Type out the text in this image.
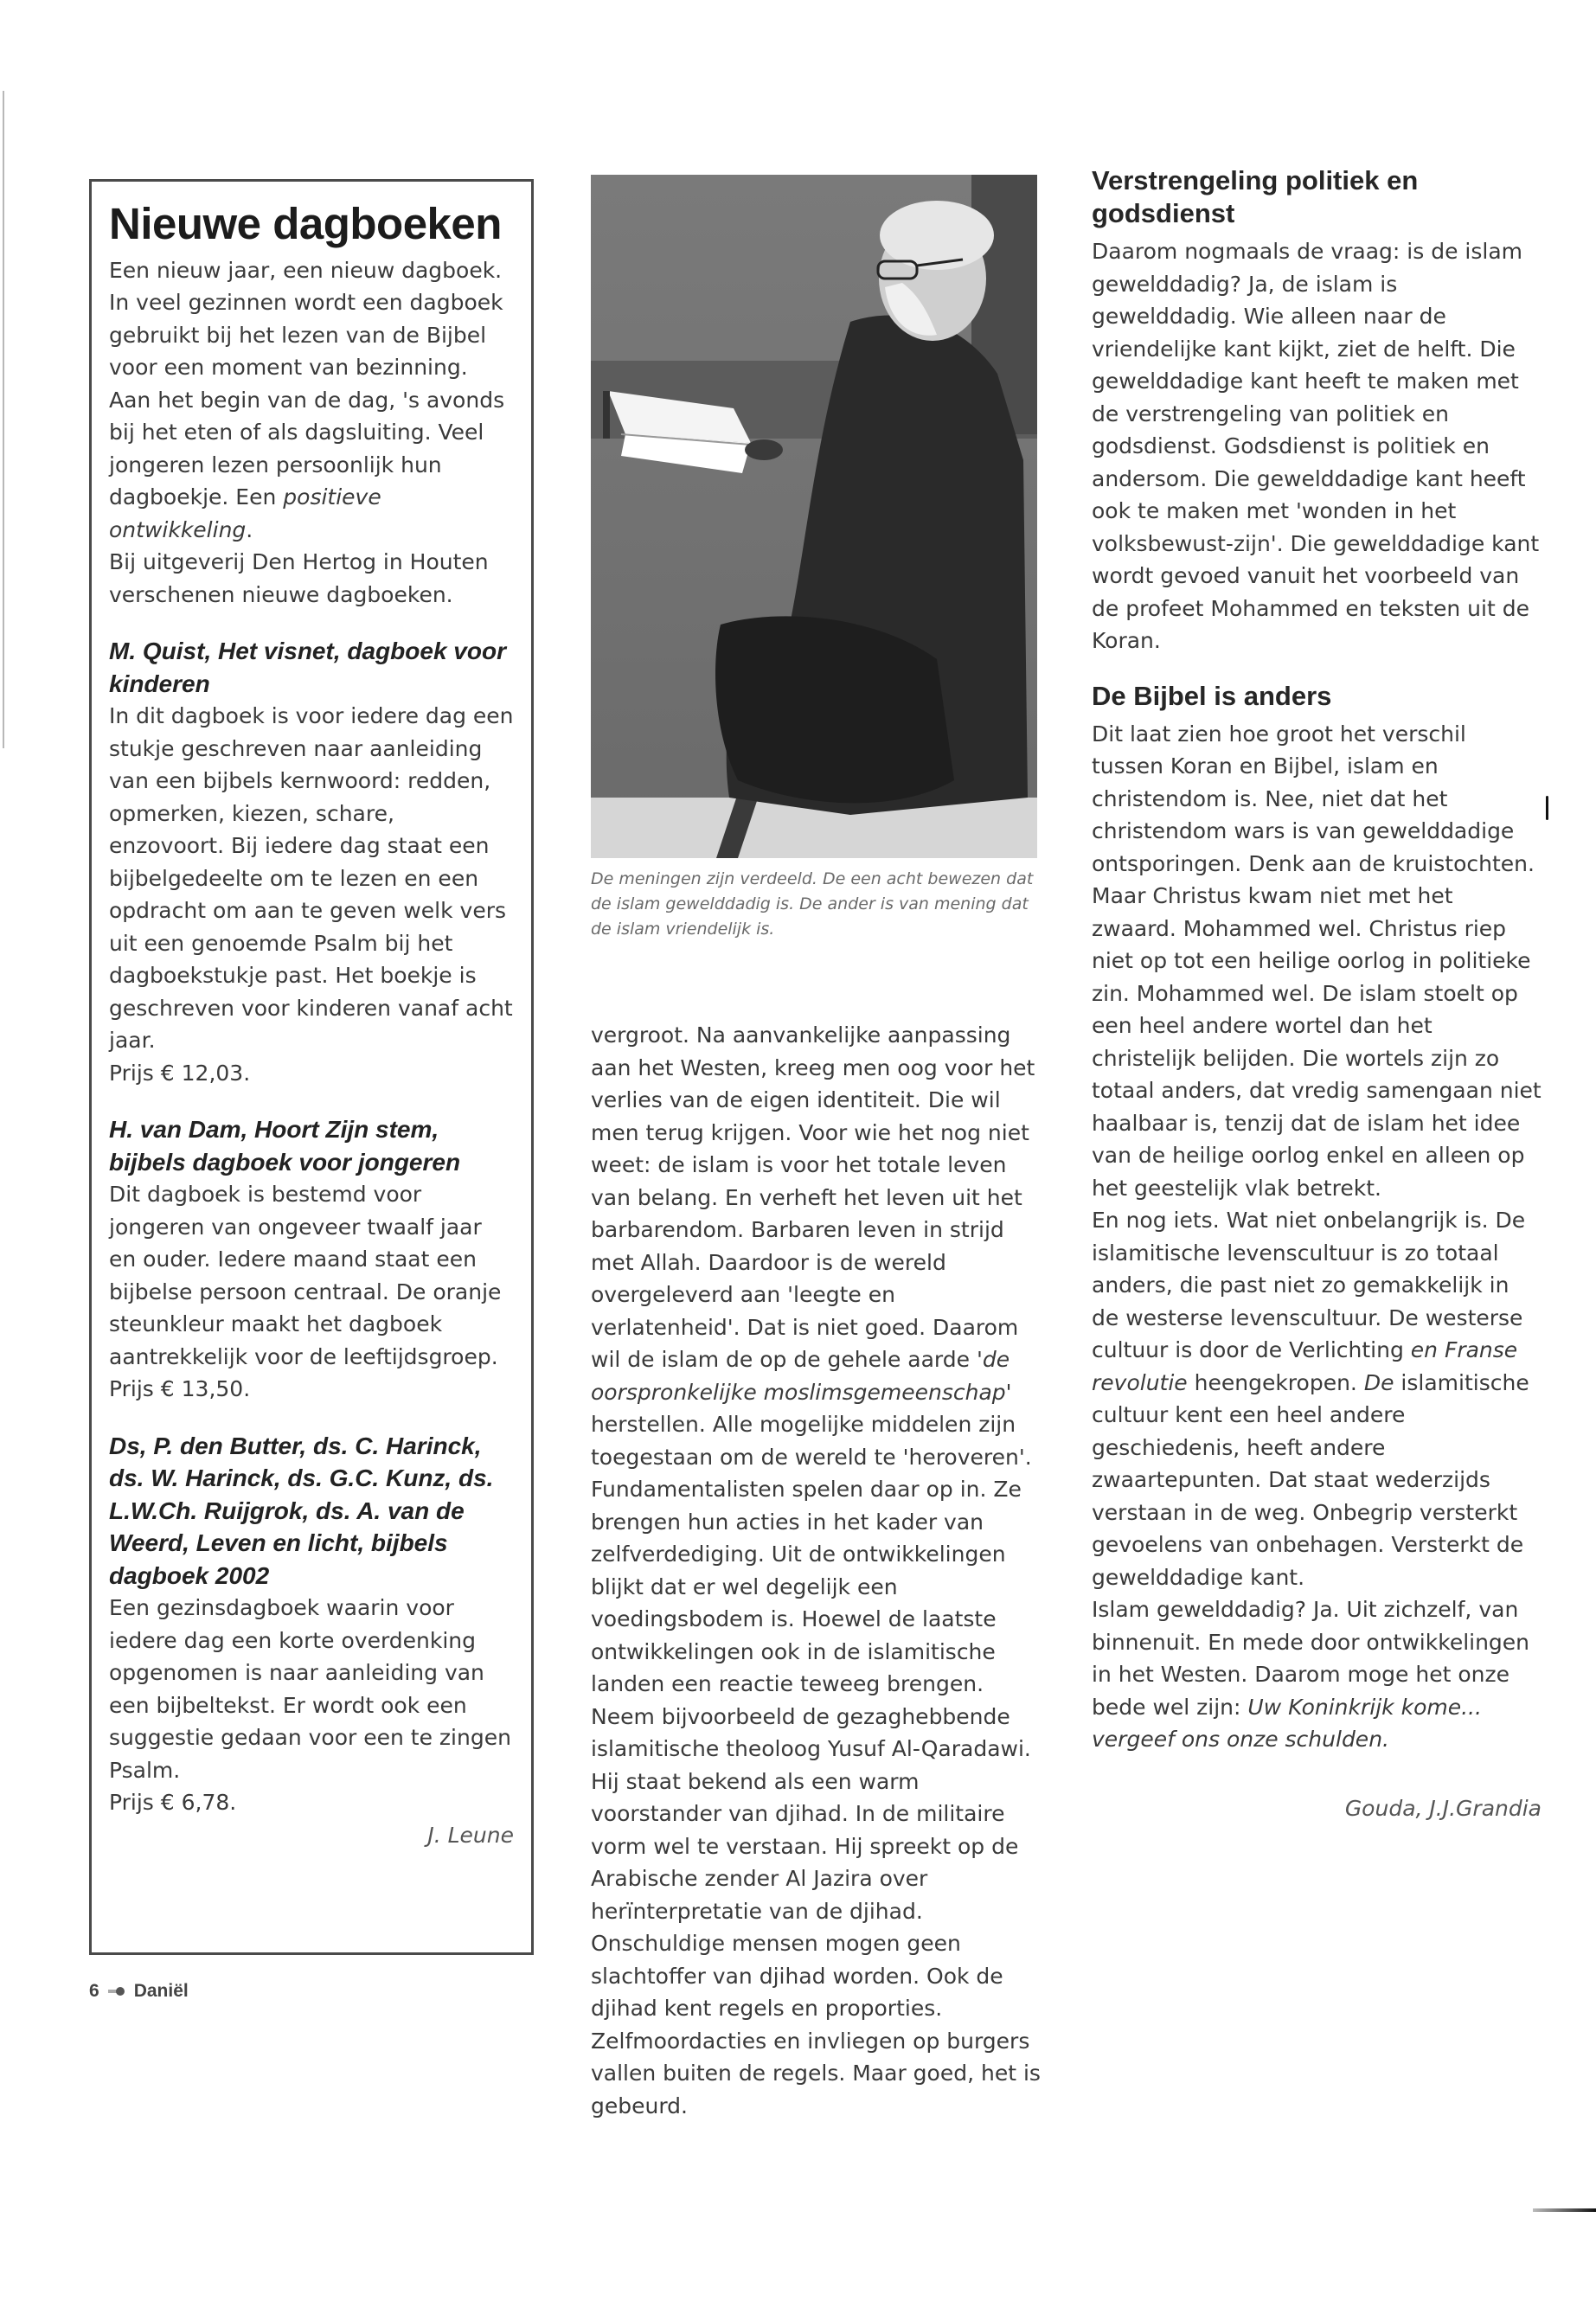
Nieuwe dagboeken

Een nieuw jaar, een nieuw dagboek. In veel gezinnen wordt een dagboek gebruikt bij het lezen van de Bijbel voor een moment van bezinning. Aan het begin van de dag, 's avonds bij het eten of als dagsluiting. Veel jongeren lezen persoonlijk hun dagboekje. Een positieve ontwikkeling.
Bij uitgeverij Den Hertog in Houten verschenen nieuwe dagboeken.

M. Quist, Het visnet, dagboek voor kinderen

In dit dagboek is voor iedere dag een stukje geschreven naar aanleiding van een bijbels kernwoord: redden, opmerken, kiezen, schare, enzovoort. Bij iedere dag staat een bijbelgedeelte om te lezen en een opdracht om aan te geven welk vers uit een genoemde Psalm bij het dagboekstukje past. Het boekje is geschreven voor kinderen vanaf acht jaar.

Prijs € 12,03.

H. van Dam, Hoort Zijn stem, bijbels dagboek voor jongeren

Dit dagboek is bestemd voor jongeren van ongeveer twaalf jaar en ouder. Iedere maand staat een bijbelse persoon centraal. De oranje steunkleur maakt het dagboek aantrekkelijk voor de leeftijdsgroep.

Prijs € 13,50.

Ds, P. den Butter, ds. C. Harinck, ds. W. Harinck, ds. G.C. Kunz, ds. L.W.Ch. Ruijgrok, ds. A. van de Weerd, Leven en licht, bijbels dagboek 2002

Een gezinsdagboek waarin voor iedere dag een korte overdenking opgenomen is naar aanleiding van een bijbeltekst. Er wordt ook een suggestie gedaan voor een te zingen Psalm.

Prijs € 6,78.

J. Leune

De meningen zijn verdeeld. De een acht bewezen dat de islam gewelddadig is. De ander is van mening dat de islam vriendelijk is.

vergroot. Na aanvankelijke aanpassing aan het Westen, kreeg men oog voor het verlies van de eigen identiteit. Die wil men terug krijgen. Voor wie het nog niet weet: de islam is voor het totale leven van belang. En verheft het leven uit het barbarendom. Barbaren leven in strijd met Allah. Daardoor is de wereld overgeleverd aan 'leegte en verlatenheid'. Dat is niet goed. Daarom wil de islam de op de gehele aarde 'de oorspronkelijke moslimsgemeenschap' herstellen. Alle mogelijke middelen zijn toegestaan om de wereld te 'heroveren'. Fundamentalisten spelen daar op in. Ze brengen hun acties in het kader van zelfverdediging. Uit de ontwikkelingen blijkt dat er wel degelijk een voedingsbodem is. Hoewel de laatste ontwikkelingen ook in de islamitische landen een reactie teweeg brengen. Neem bijvoorbeeld de gezaghebbende islamitische theoloog Yusuf Al-Qaradawi. Hij staat bekend als een warm voorstander van djihad. In de militaire vorm wel te verstaan. Hij spreekt op de Arabische zender Al Jazira over herïnterpretatie van de djihad. Onschuldige mensen mogen geen slachtoffer van djihad worden. Ook de djihad kent regels en proporties. Zelfmoordacties en invliegen op burgers vallen buiten de regels. Maar goed, het is gebeurd.

Verstrengeling politiek en godsdienst

Daarom nogmaals de vraag: is de islam gewelddadig? Ja, de islam is gewelddadig. Wie alleen naar de vriendelijke kant kijkt, ziet de helft. Die gewelddadige kant heeft te maken met de verstrengeling van politiek en godsdienst. Godsdienst is politiek en andersom. Die gewelddadige kant heeft ook te maken met 'wonden in het volksbewust-zijn'. Die gewelddadige kant wordt gevoed vanuit het voorbeeld van de profeet Mohammed en teksten uit de Koran.

De Bijbel is anders

Dit laat zien hoe groot het verschil tussen Koran en Bijbel, islam en christendom is. Nee, niet dat het christendom wars is van gewelddadige ontsporingen. Denk aan de kruistochten. Maar Christus kwam niet met het zwaard. Mohammed wel. Christus riep niet op tot een heilige oorlog in politieke zin. Mohammed wel. De islam stoelt op een heel andere wortel dan het christelijk belijden. Die wortels zijn zo totaal anders, dat vredig samengaan niet haalbaar is, tenzij dat de islam het idee van de heilige oorlog enkel en alleen op het geestelijk vlak betrekt.

En nog iets. Wat niet onbelangrijk is. De islamitische levenscultuur is zo totaal anders, die past niet zo gemakkelijk in de westerse levenscultuur. De westerse cultuur is door de Verlichting en Franse revolutie heengekropen. De islamitische cultuur kent een heel andere geschiedenis, heeft andere zwaartepunten. Dat staat wederzijds verstaan in de weg. Onbegrip versterkt gevoelens van onbehagen. Versterkt de gewelddadige kant.

Islam gewelddadig? Ja. Uit zichzelf, van binnenuit. En mede door ontwikkelingen in het Westen. Daarom moge het onze bede wel zijn: Uw Koninkrijk kome... vergeef ons onze schulden.

Gouda, J.J.Grandia

6 Daniël
